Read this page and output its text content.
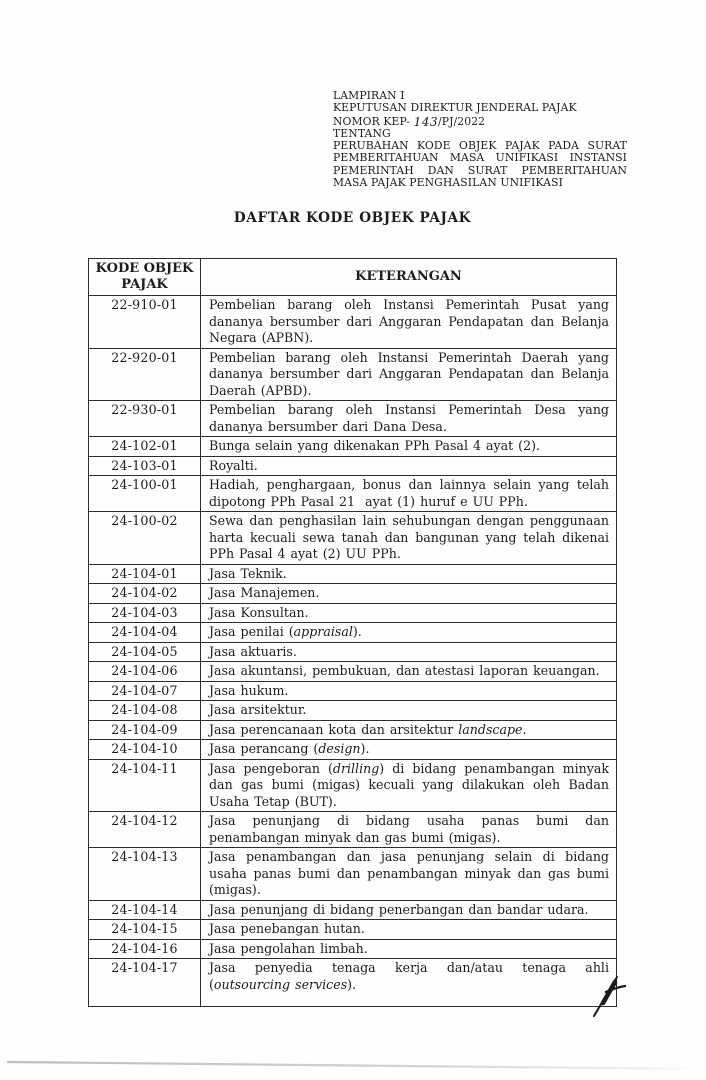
LAMPIRAN I
KEPUTUSAN DIREKTUR JENDERAL PAJAK
NOMOR KEP- 143/PJ/2022
TENTANG
PERUBAHAN KODE OBJEK PAJAK PADA SURAT PEMBERITAHUAN MASA UNIFIKASI INSTANSI PEMERINTAH DAN SURAT PEMBERITAHUAN MASA PAJAK PENGHASILAN UNIFIKASI
DAFTAR KODE OBJEK PAJAK
KODE OBJEK PAJAK	KETERANGAN
22-910-01	Pembelian barang oleh Instansi Pemerintah Pusat yang dananya bersumber dari Anggaran Pendapatan dan Belanja Negara (APBN).
22-920-01	Pembelian barang oleh Instansi Pemerintah Daerah yang dananya bersumber dari Anggaran Pendapatan dan Belanja Daerah (APBD).
22-930-01	Pembelian barang oleh Instansi Pemerintah Desa yang dananya bersumber dari Dana Desa.
24-102-01	Bunga selain yang dikenakan PPh Pasal 4 ayat (2).
24-103-01	Royalti.
24-100-01	Hadiah, penghargaan, bonus dan lainnya selain yang telah dipotong PPh Pasal 21  ayat (1) huruf e UU PPh.
24-100-02	Sewa dan penghasilan lain sehubungan dengan penggunaan harta kecuali sewa tanah dan bangunan yang telah dikenai PPh Pasal 4 ayat (2) UU PPh.
24-104-01	Jasa Teknik.
24-104-02	Jasa Manajemen.
24-104-03	Jasa Konsultan.
24-104-04	Jasa penilai (appraisal).
24-104-05	Jasa aktuaris.
24-104-06	Jasa akuntansi, pembukuan, dan atestasi laporan keuangan.
24-104-07	Jasa hukum.
24-104-08	Jasa arsitektur.
24-104-09	Jasa perencanaan kota dan arsitektur landscape.
24-104-10	Jasa perancang (design).
24-104-11	Jasa pengeboran (drilling) di bidang penambangan minyak dan gas bumi (migas) kecuali yang dilakukan oleh Badan Usaha Tetap (BUT).
24-104-12	Jasa penunjang di bidang usaha panas bumi dan penambangan minyak dan gas bumi (migas).
24-104-13	Jasa penambangan dan jasa penunjang selain di bidang usaha panas bumi dan penambangan minyak dan gas bumi (migas).
24-104-14	Jasa penunjang di bidang penerbangan dan bandar udara.
24-104-15	Jasa penebangan hutan.
24-104-16	Jasa pengolahan limbah.
24-104-17	Jasa penyedia tenaga kerja dan/atau tenaga ahli (outsourcing services).
